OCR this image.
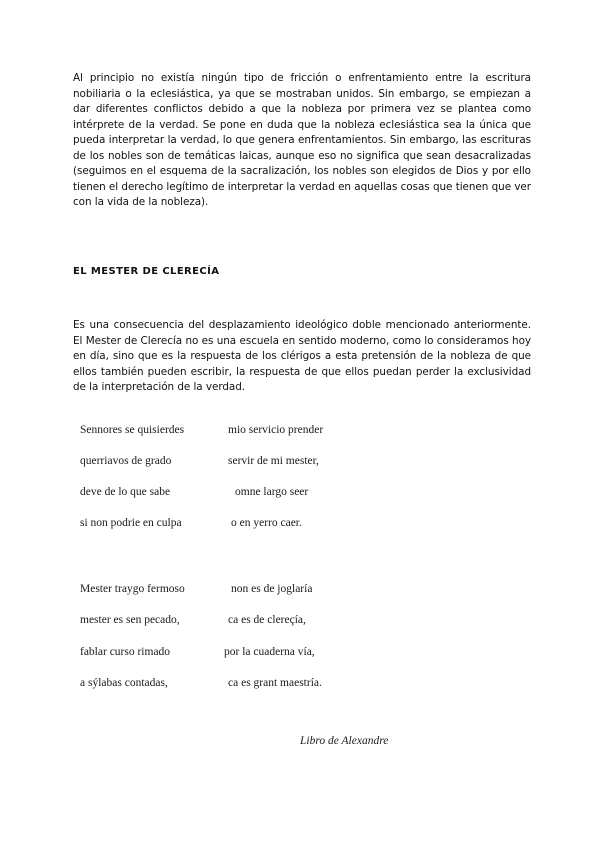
Al principio no existía ningún tipo de fricción o enfrentamiento entre la escritura nobiliaria o la eclesiástica, ya que se mostraban unidos. Sin embargo, se empiezan a dar diferentes conflictos debido a que la nobleza por primera vez se plantea como intérprete de la verdad. Se pone en duda que la nobleza eclesiástica sea la única que pueda interpretar la verdad, lo que genera enfrentamientos. Sin embargo, las escrituras de los nobles son de temáticas laicas, aunque eso no significa que sean desacralizadas (seguimos en el esquema de la sacralización, los nobles son elegidos de Dios y por ello tienen el derecho legítimo de interpretar la verdad en aquellas cosas que tienen que ver con la vida de la nobleza).

EL MESTER DE CLERECÍA

Es una consecuencia del desplazamiento ideológico doble mencionado anteriormente. El Mester de Clerecía no es una escuela en sentido moderno, como lo consideramos hoy en día, sino que es la respuesta de los clérigos a esta pretensión de la nobleza de que ellos también pueden escribir, la respuesta de que ellos puedan perder la exclusividad de la interpretación de la verdad.

Sennores se quisierdes	mio servicio prender
querriavos de grado	servir de mi mester,
deve de lo que sabe	omne largo seer
si non podrie en culpa	o en yerro caer.
Mester traygo fermoso	non es de joglaría
mester es sen pecado,	ca es de clereçía,
fablar curso rimado	por la cuaderna vía,
a sýlabas contadas,	ca es grant maestría.
Libro de Alexandre
